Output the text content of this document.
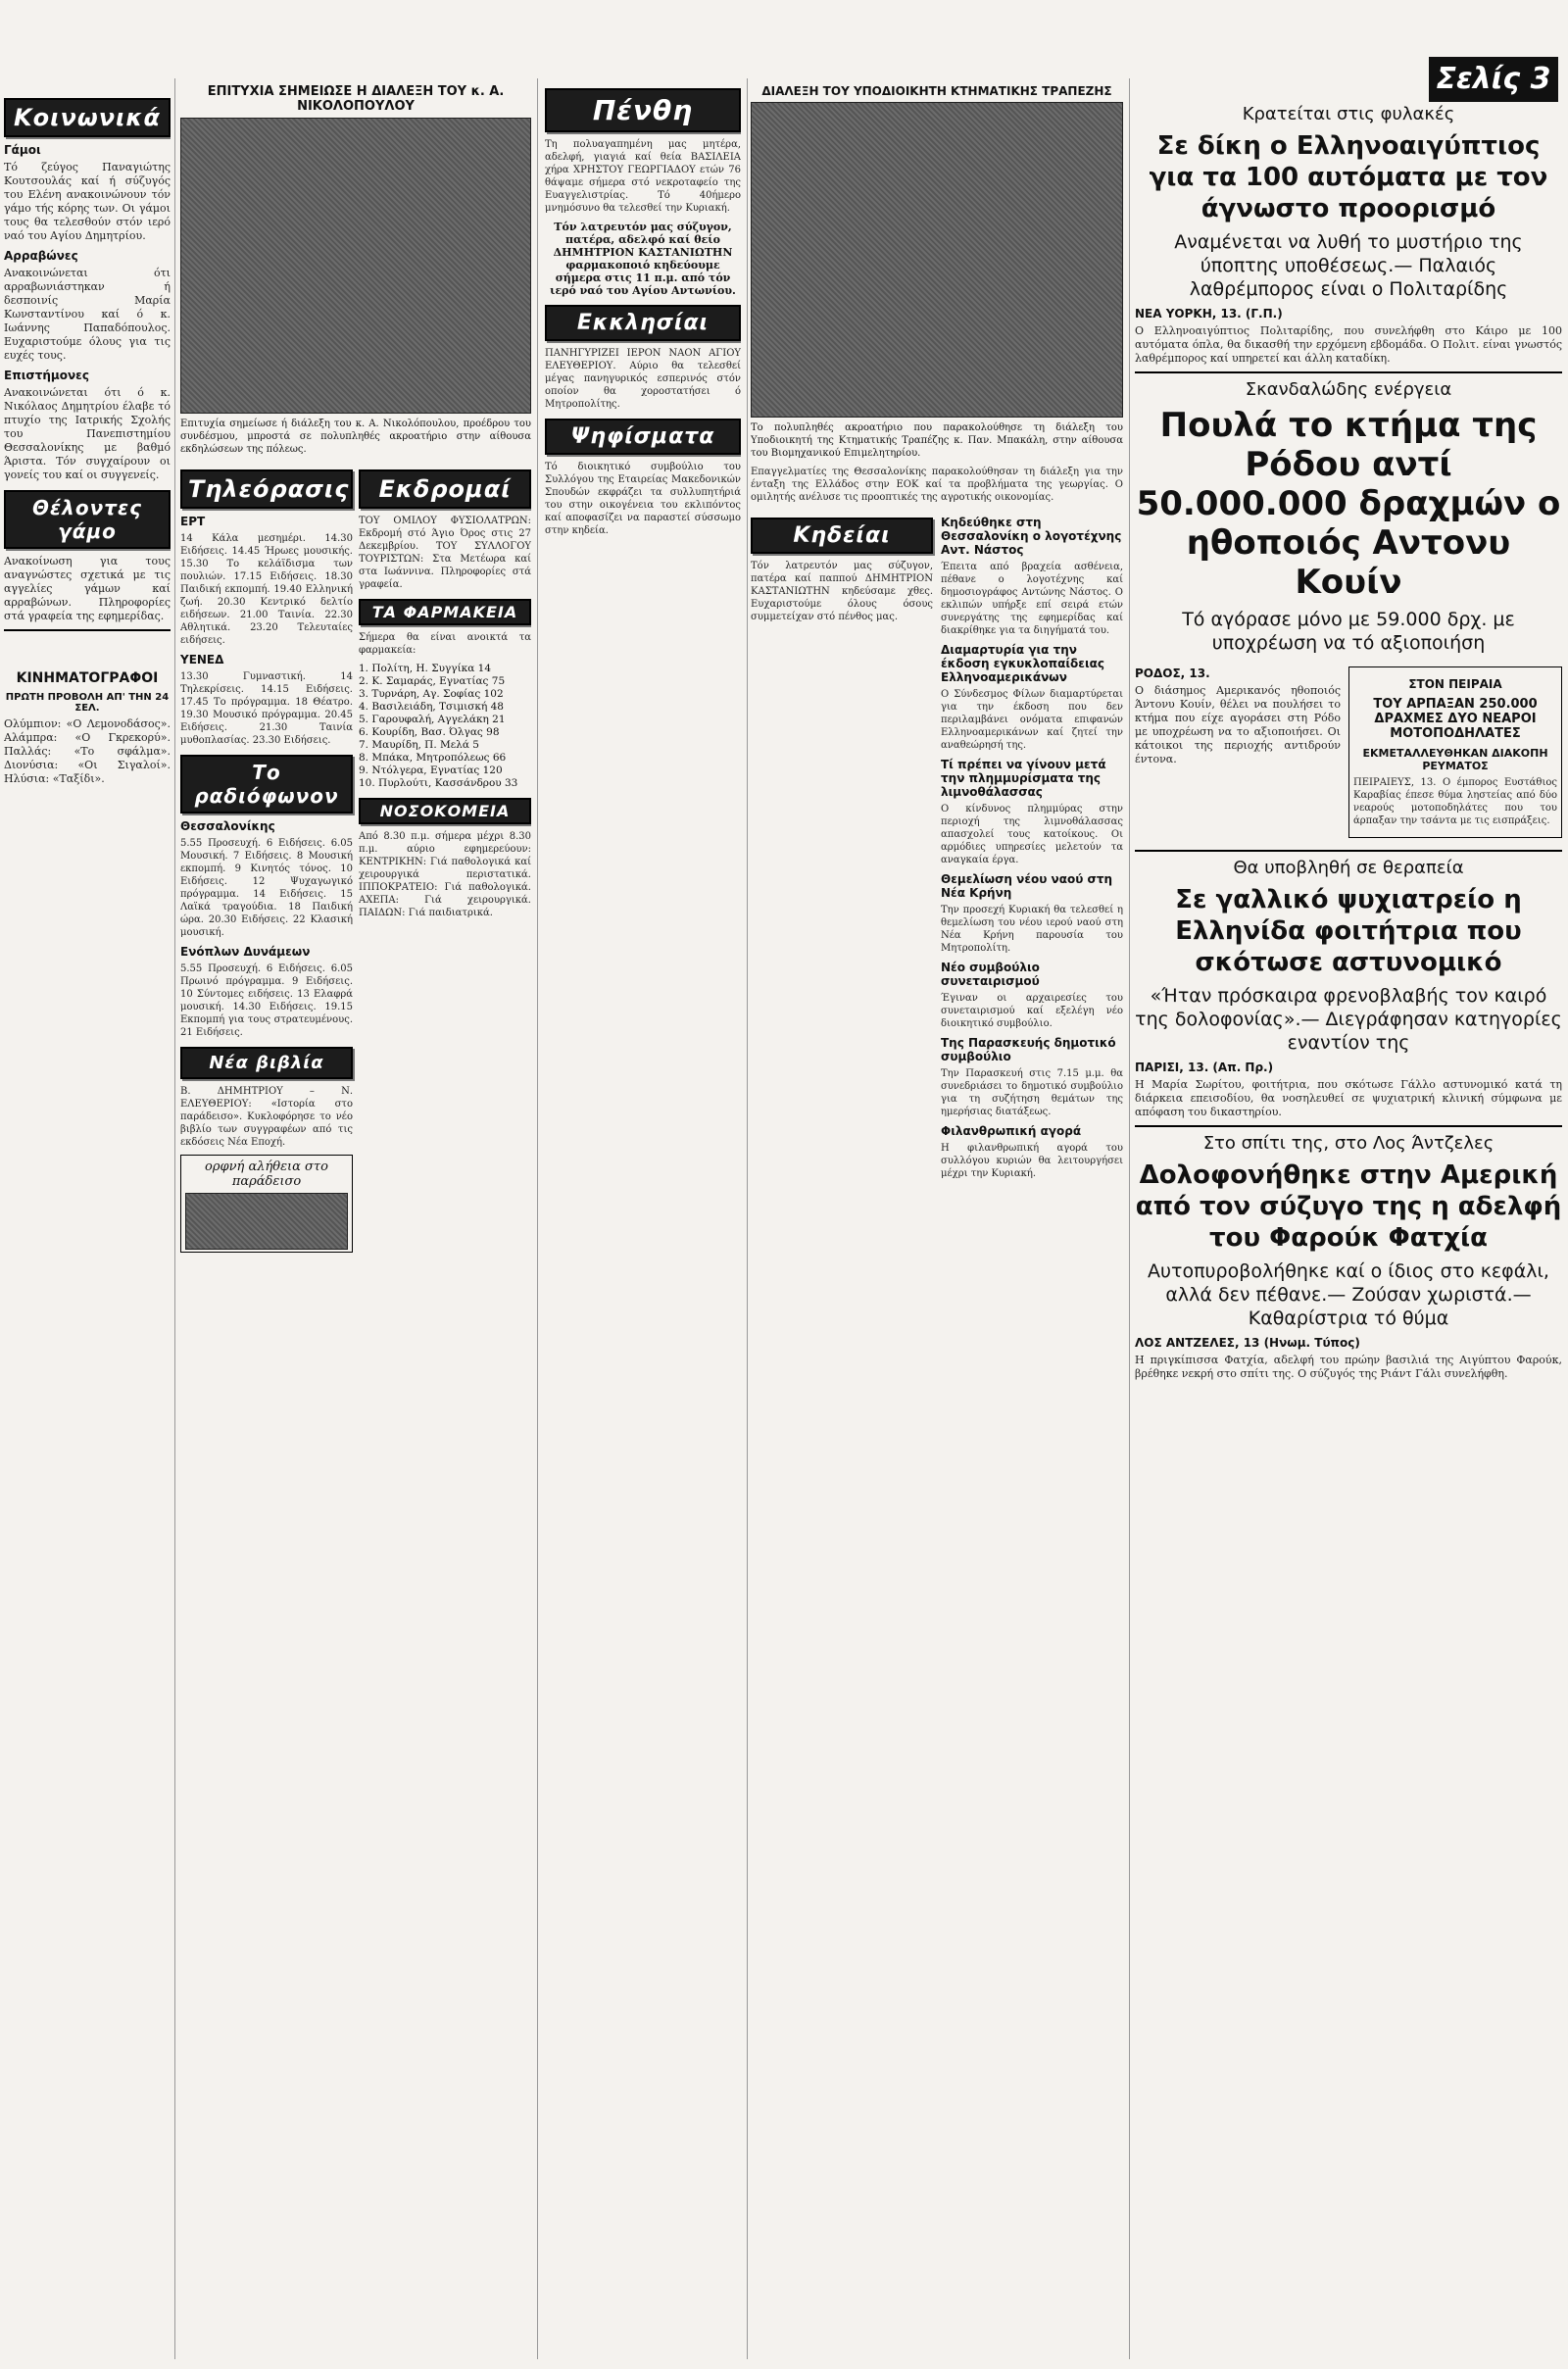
Σελίς 3
Κοινωνικά
Γάμοι

Τό ζεύγος Παναγιώτης Κουτσουλάς καί ή σύζυγός του Ελένη ανακοινώνουν τόν γάμο τής κόρης των. Οι γάμοι τους θα τελεσθούν στόν ιερό ναό του Αγίου Δημητρίου.

Αρραβώνες

Ανακοινώνεται ότι αρραβωνιάστηκαν ή δεσποινίς Μαρία Κωνσταντίνου καί ό κ. Ιωάννης Παπαδόπουλος. Ευχαριστούμε όλους για τις ευχές τους.

Επιστήμονες

Ανακοινώνεται ότι ό κ. Νικόλαος Δημητρίου έλαβε τό πτυχίο της Ιατρικής Σχολής του Πανεπιστημίου Θεσσαλονίκης με βαθμό Άριστα. Τόν συγχαίρουν οι γονείς του καί οι συγγενείς.

Θέλοντες γάμο

Ανακοίνωση για τους αναγνώστες σχετικά με τις αγγελίες γάμων καί αρραβώνων. Πληροφορίες στά γραφεία της εφημερίδας.

ΚΙΝΗΜΑΤΟΓΡΑΦΟΙ
ΠΡΩΤΗ ΠΡΟΒΟΛΗ ΑΠ' ΤΗΝ 24 ΣΕΛ.

Ολύμπιον: «Ο Λεμονοδάσος». Αλάμπρα: «Ο Γκρεκορύ». Παλλάς: «Το σφάλμα». Διονύσια: «Οι Σιγαλοί». Ηλύσια: «Ταξίδι».

ΕΠΙΤΥΧΙΑ ΣΗΜΕΙΩΣΕ Η ΔΙΑΛΕΞΗ ΤΟΥ κ. Α. ΝΙΚΟΛΟΠΟΥΛΟΥ

Επιτυχία σημείωσε ή διάλεξη του κ. Α. Νικολόπουλου, προέδρου του συνδέσμου, μπροστά σε πολυπληθές ακροατήριο στην αίθουσα εκδηλώσεων της πόλεως.

Τηλεόρασις
ΕΡΤ

14 Κάλα μεσημέρι. 14.30 Ειδήσεις. 14.45 Ήρωες μουσικής. 15.30 Το κελάϊδισμα των πουλιών. 17.15 Ειδήσεις. 18.30 Παιδική εκπομπή. 19.40 Ελληνική ζωή. 20.30 Κεντρικό δελτίο ειδήσεων. 21.00 Ταινία. 22.30 Αθλητικά. 23.20 Τελευταίες ειδήσεις.

ΥΕΝΕΔ

13.30 Γυμναστική. 14 Τηλεκρίσεις. 14.15 Ειδήσεις. 17.45 Το πρόγραμμα. 18 Θέατρο. 19.30 Μουσικό πρόγραμμα. 20.45 Ειδήσεις. 21.30 Ταινία μυθοπλασίας. 23.30 Ειδήσεις.

Το ραδιόφωνον
Θεσσαλονίκης

5.55 Προσευχή. 6 Ειδήσεις. 6.05 Μουσική. 7 Ειδήσεις. 8 Μουσική εκπομπή. 9 Κινητός τόνος. 10 Ειδήσεις. 12 Ψυχαγωγικό πρόγραμμα. 14 Ειδήσεις. 15 Λαϊκά τραγούδια. 18 Παιδική ώρα. 20.30 Ειδήσεις. 22 Κλασική μουσική.

Ενόπλων Δυνάμεων

5.55 Προσευχή. 6 Ειδήσεις. 6.05 Πρωινό πρόγραμμα. 9 Ειδήσεις. 10 Σύντομες ειδήσεις. 13 Ελαφρά μουσική. 14.30 Ειδήσεις. 19.15 Εκπομπή για τους στρατευμένους. 21 Ειδήσεις.

Νέα βιβλία

Β. ΔΗΜΗΤΡΙΟΥ – Ν. ΕΛΕΥΘΕΡΙΟΥ: «Ιστορία στο παράδεισο». Κυκλοφόρησε το νέο βιβλίο των συγγραφέων από τις εκδόσεις Νέα Εποχή.

ορφνή αλήθεια στο παράδεισο
Εκδρομαί

ΤΟΥ ΟΜΙΛΟΥ ΦΥΣΙΟΛΑΤΡΩΝ: Εκδρομή στό Άγιο Όρος στις 27 Δεκεμβρίου. ΤΟΥ ΣΥΛΛΟΓΟΥ ΤΟΥΡΙΣΤΩΝ: Στα Μετέωρα καί στα Ιωάννινα. Πληροφορίες στά γραφεία.

ΤΑ ΦΑΡΜΑΚΕΙΑ

Σήμερα θα είναι ανοικτά τα φαρμακεία:

1. Πολίτη, Η. Συγγίκα 14
2. Κ. Σαμαράς, Εγνατίας 75
3. Τυρνάρη, Αγ. Σοφίας 102
4. Βασιλειάδη, Τσιμισκή 48
5. Γαρουφαλή, Αγγελάκη 21
6. Κουρίδη, Βασ. Όλγας 98
7. Μαυρίδη, Π. Μελά 5
8. Μπάκα, Μητροπόλεως 66
9. Ντόλγερα, Εγνατίας 120
10. Πυρλούτι, Κασσάνδρου 33
ΝΟΣΟΚΟΜΕΙΑ

Από 8.30 π.μ. σήμερα μέχρι 8.30 π.μ. αύριο εφημερεύουν: ΚΕΝΤΡΙΚΗΝ: Γιά παθολογικά καί χειρουργικά περιστατικά. ΙΠΠΟΚΡΑΤΕΙΟ: Γιά παθολογικά. ΑΧΕΠΑ: Γιά χειρουργικά. ΠΑΙΔΩΝ: Γιά παιδιατρικά.

Πένθη

Τη πολυαγαπημένη μας μητέρα, αδελφή, γιαγιά καί θεία ΒΑΣΙΛΕΙΑ χήρα ΧΡΗΣΤΟΥ ΓΕΩΡΓΙΑΔΟΥ ετών 76 θάψαμε σήμερα στό νεκροταφείο της Ευαγγελιστρίας. Τό 40ήμερο μνημόσυνο θα τελεσθεί την Κυριακή.

Τόν λατρευτόν μας σύζυγον, πατέρα, αδελφό καί θείο ΔΗΜΗΤΡΙΟΝ ΚΑΣΤΑΝΙΩΤΗΝ φαρμακοποιό κηδεύουμε σήμερα στις 11 π.μ. από τόν ιερό ναό του Αγίου Αντωνίου.
Εκκλησίαι

ΠΑΝΗΓΥΡΙΖΕΙ ΙΕΡΟΝ ΝΑΟΝ ΑΓΙΟΥ ΕΛΕΥΘΕΡΙΟΥ. Αύριο θα τελεσθεί μέγας πανηγυρικός εσπερινός στόν οποίον θα χοροστατήσει ό Μητροπολίτης.

Ψηφίσματα

Τό διοικητικό συμβούλιο του Συλλόγου της Εταιρείας Μακεδονικών Σπουδών εκφράζει τα συλλυπητήριά του στην οικογένεια του εκλιπόντος καί αποφασίζει να παραστεί σύσσωμο στην κηδεία.

ΔΙΑΛΕΞΗ ΤΟΥ ΥΠΟΔΙΟΙΚΗΤΗ ΚΤΗΜΑΤΙΚΗΣ ΤΡΑΠΕΖΗΣ

Το πολυπληθές ακροατήριο που παρακολούθησε τη διάλεξη του Υποδιοικητή της Κτηματικής Τραπέζης κ. Παν. Μπακάλη, στην αίθουσα του Βιομηχανικού Επιμελητηρίου.

Επαγγελματίες της Θεσσαλονίκης παρακολούθησαν τη διάλεξη για την ένταξη της Ελλάδος στην ΕΟΚ καί τα προβλήματα της γεωργίας. Ο ομιλητής ανέλυσε τις προοπτικές της αγροτικής οικονομίας.

Κηδείαι

Τόν λατρευτόν μας σύζυγον, πατέρα καί παππού ΔΗΜΗΤΡΙΟΝ ΚΑΣΤΑΝΙΩΤΗΝ κηδεύσαμε χθες. Ευχαριστούμε όλους όσους συμμετείχαν στό πένθος μας.

Κηδεύθηκε στη Θεσσαλονίκη ο λογοτέχνης Αντ. Νάστος

Έπειτα από βραχεία ασθένεια, πέθανε ο λογοτέχνης καί δημοσιογράφος Αντώνης Νάστος. Ο εκλιπών υπήρξε επί σειρά ετών συνεργάτης της εφημερίδας καί διακρίθηκε για τα διηγήματά του.

Διαμαρτυρία για την έκδοση εγκυκλοπαίδειας Ελληνοαμερικάνων

Ο Σύνδεσμος Φίλων διαμαρτύρεται για την έκδοση που δεν περιλαμβάνει ονόματα επιφανών Ελληνοαμερικάνων καί ζητεί την αναθεώρησή της.

Τί πρέπει να γίνουν μετά την πλημμυρίσματα της λιμνοθάλασσας

Ο κίνδυνος πλημμύρας στην περιοχή της λιμνοθάλασσας απασχολεί τους κατοίκους. Οι αρμόδιες υπηρεσίες μελετούν τα αναγκαία έργα.

Θεμελίωση νέου ναού στη Νέα Κρήνη

Την προσεχή Κυριακή θα τελεσθεί η θεμελίωση του νέου ιερού ναού στη Νέα Κρήνη παρουσία του Μητροπολίτη.

Νέο συμβούλιο συνεταιρισμού

Έγιναν οι αρχαιρεσίες του συνεταιρισμού καί εξελέγη νέο διοικητικό συμβούλιο.

Της Παρασκευής δημοτικό συμβούλιο

Την Παρασκευή στις 7.15 μ.μ. θα συνεδριάσει το δημοτικό συμβούλιο για τη συζήτηση θεμάτων της ημερήσιας διατάξεως.

Φιλανθρωπική αγορά

Η φιλανθρωπική αγορά του συλλόγου κυριών θα λειτουργήσει μέχρι την Κυριακή.

Κρατείται στις φυλακές
Σε δίκη ο Ελληνοαιγύπτιος για τα 100 αυτόματα με τον άγνωστο προορισμό
Αναμένεται να λυθή το μυστήριο της ύποπτης υποθέσεως.— Παλαιός λαθρέμπορος είναι ο Πολιταρίδης
ΝΕΑ ΥΟΡΚΗ, 13. (Γ.Π.)

Ο Ελληνοαιγύπτιος Πολιταρίδης, που συνελήφθη στο Κάιρο με 100 αυτόματα όπλα, θα δικασθή την ερχόμενη εβδομάδα. Ο Πολιτ. είναι γνωστός λαθρέμπορος καί υπηρετεί και άλλη καταδίκη.

Σκανδαλώδης ενέργεια
Πουλά το κτήμα της Ρόδου αντί 50.000.000 δραχμών ο ηθοποιός Αντονυ Κουίν
Τό αγόρασε μόνο με 59.000 δρχ. με υποχρέωση να τό αξιοποιήση
ΡΟΔΟΣ, 13.

Ο διάσημος Αμερικανός ηθοποιός Άντονυ Κουίν, θέλει να πουλήσει το κτήμα που είχε αγοράσει στη Ρόδο με υποχρέωση να το αξιοποιήσει. Οι κάτοικοι της περιοχής αντιδρούν έντονα.

ΣΤΟΝ ΠΕΙΡΑΙΑ
ΤΟΥ ΑΡΠΑΞΑΝ 250.000 ΔΡΑΧΜΕΣ ΔΥΟ ΝΕΑΡΟΙ ΜΟΤΟΠΟΔΗΛΑΤΕΣ
ΕΚΜΕΤΑΛΛΕΥΘΗΚΑΝ ΔΙΑΚΟΠΗ ΡΕΥΜΑΤΟΣ

ΠΕΙΡΑΙΕΥΣ, 13. Ο έμπορος Ευστάθιος Καραβίας έπεσε θύμα ληστείας από δύο νεαρούς μοτοποδηλάτες που του άρπαξαν την τσάντα με τις εισπράξεις.

Θα υποβληθή σε θεραπεία
Σε γαλλικό ψυχιατρείο η Ελληνίδα φοιτήτρια που σκότωσε αστυνομικό
«Ήταν πρόσκαιρα φρενοβλαβής τον καιρό της δολοφονίας».— Διεγράφησαν κατηγορίες εναντίον της
ΠΑΡΙΣΙ, 13. (Απ. Πρ.)

Η Μαρία Σωρίτου, φοιτήτρια, που σκότωσε Γάλλο αστυνομικό κατά τη διάρκεια επεισοδίου, θα νοσηλευθεί σε ψυχιατρική κλινική σύμφωνα με απόφαση του δικαστηρίου.

Στο σπίτι της, στο Λος Άντζελες
Δολοφονήθηκε στην Αμερική από τον σύζυγο της η αδελφή του Φαρούκ Φατχία
Αυτοπυροβολήθηκε καί ο ίδιος στο κεφάλι, αλλά δεν πέθανε.— Ζούσαν χωριστά.— Καθαρίστρια τό θύμα
ΛΟΣ ΑΝΤΖΕΛΕΣ, 13 (Ηνωμ. Τύπος)

Η πριγκίπισσα Φατχία, αδελφή του πρώην βασιλιά της Αιγύπτου Φαρούκ, βρέθηκε νεκρή στο σπίτι της. Ο σύζυγός της Ριάντ Γάλι συνελήφθη.
